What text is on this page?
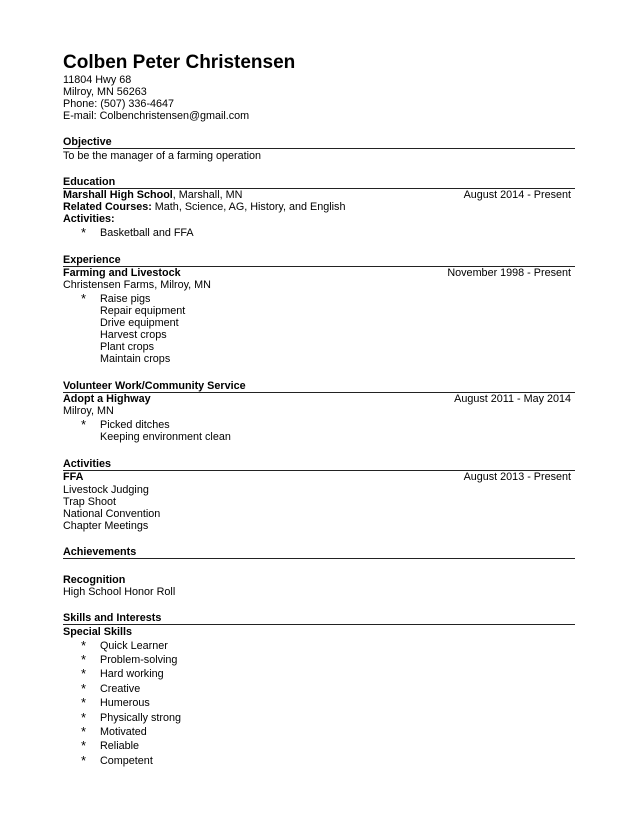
Colben Peter Christensen
11804 Hwy 68
Milroy, MN 56263
Phone: (507) 336-4647
E-mail: Colbenchristensen@gmail.com
Objective
To be the manager of a farming operation
Education
Marshall High School, Marshall, MN	August 2014 - Present
Related Courses: Math, Science, AG, History, and English
Activities:
* Basketball and FFA
Experience
Farming and Livestock	November 1998 - Present
Christensen Farms, Milroy, MN
* Raise pigs
Repair equipment
Drive equipment
Harvest crops
Plant crops
Maintain crops
Volunteer Work/Community Service
Adopt a Highway	August 2011 - May 2014
Milroy, MN
* Picked ditches
Keeping environment clean
Activities
FFA	August 2013 - Present
Livestock Judging
Trap Shoot
National Convention
Chapter Meetings
Achievements
Recognition
High School Honor Roll
Skills and Interests
Special Skills
* Quick Learner
* Problem-solving
* Hard working
* Creative
* Humerous
* Physically strong
* Motivated
* Reliable
* Competent
